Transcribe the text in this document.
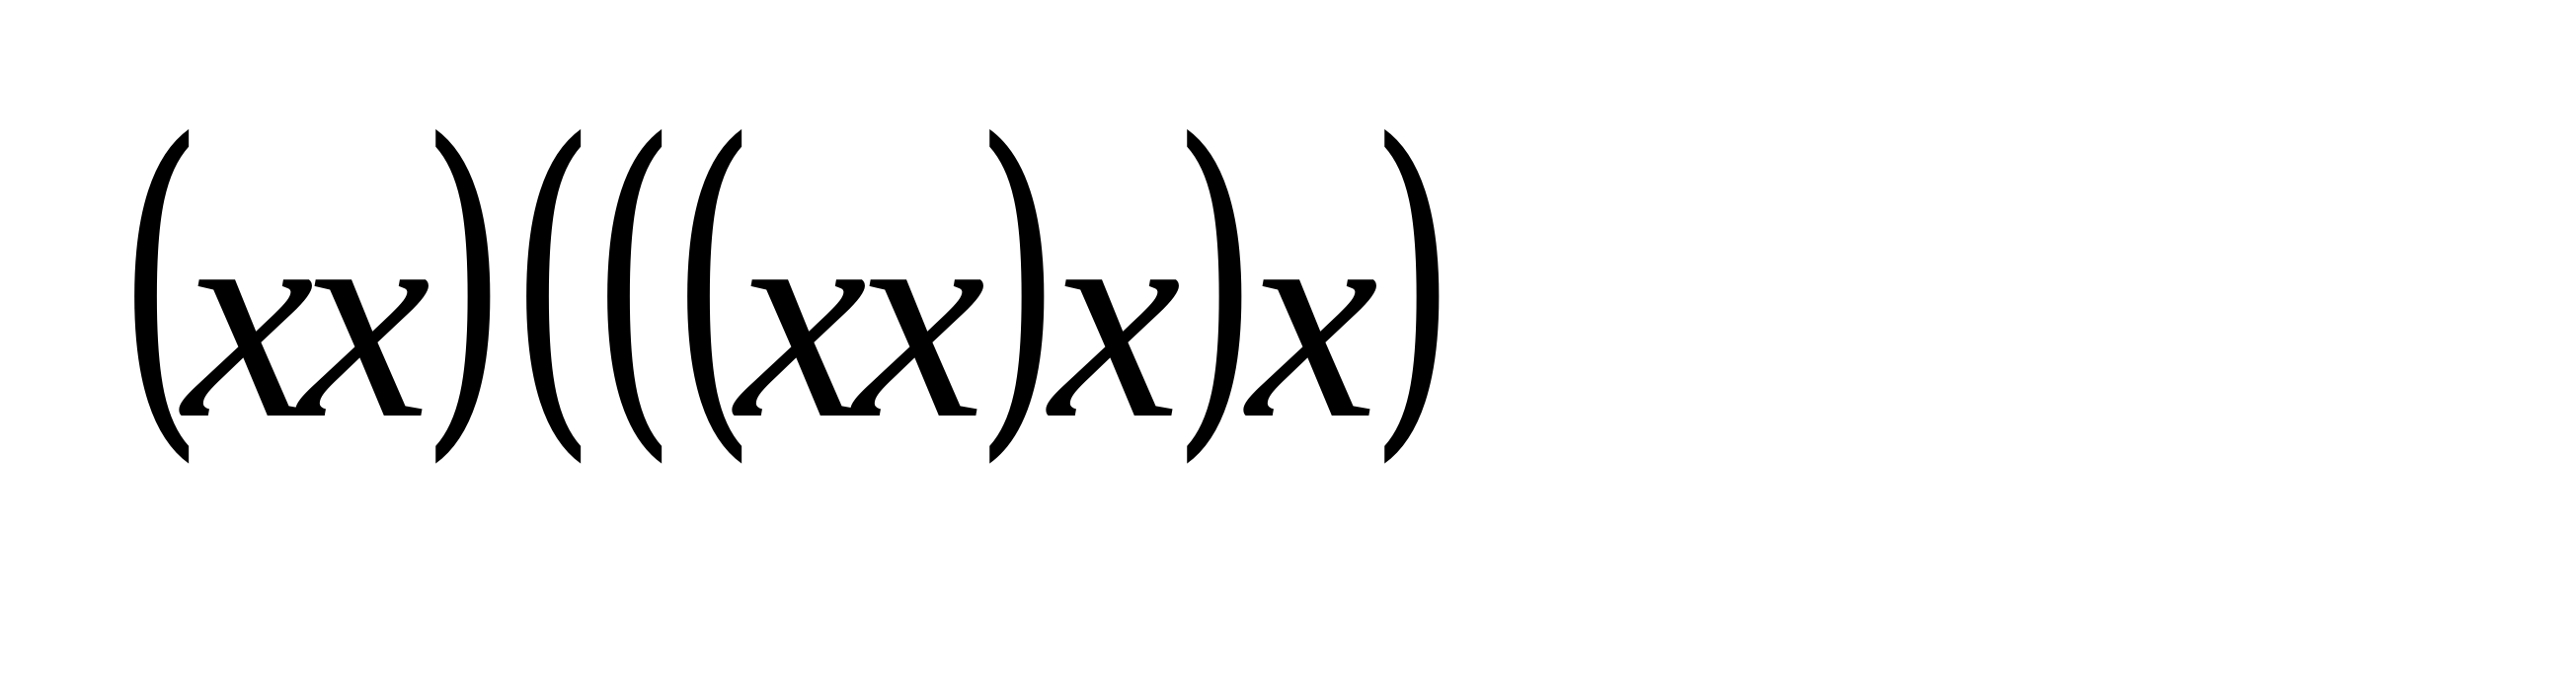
(
x
x
) (
(
(
x
x
)
x
)
x
)
